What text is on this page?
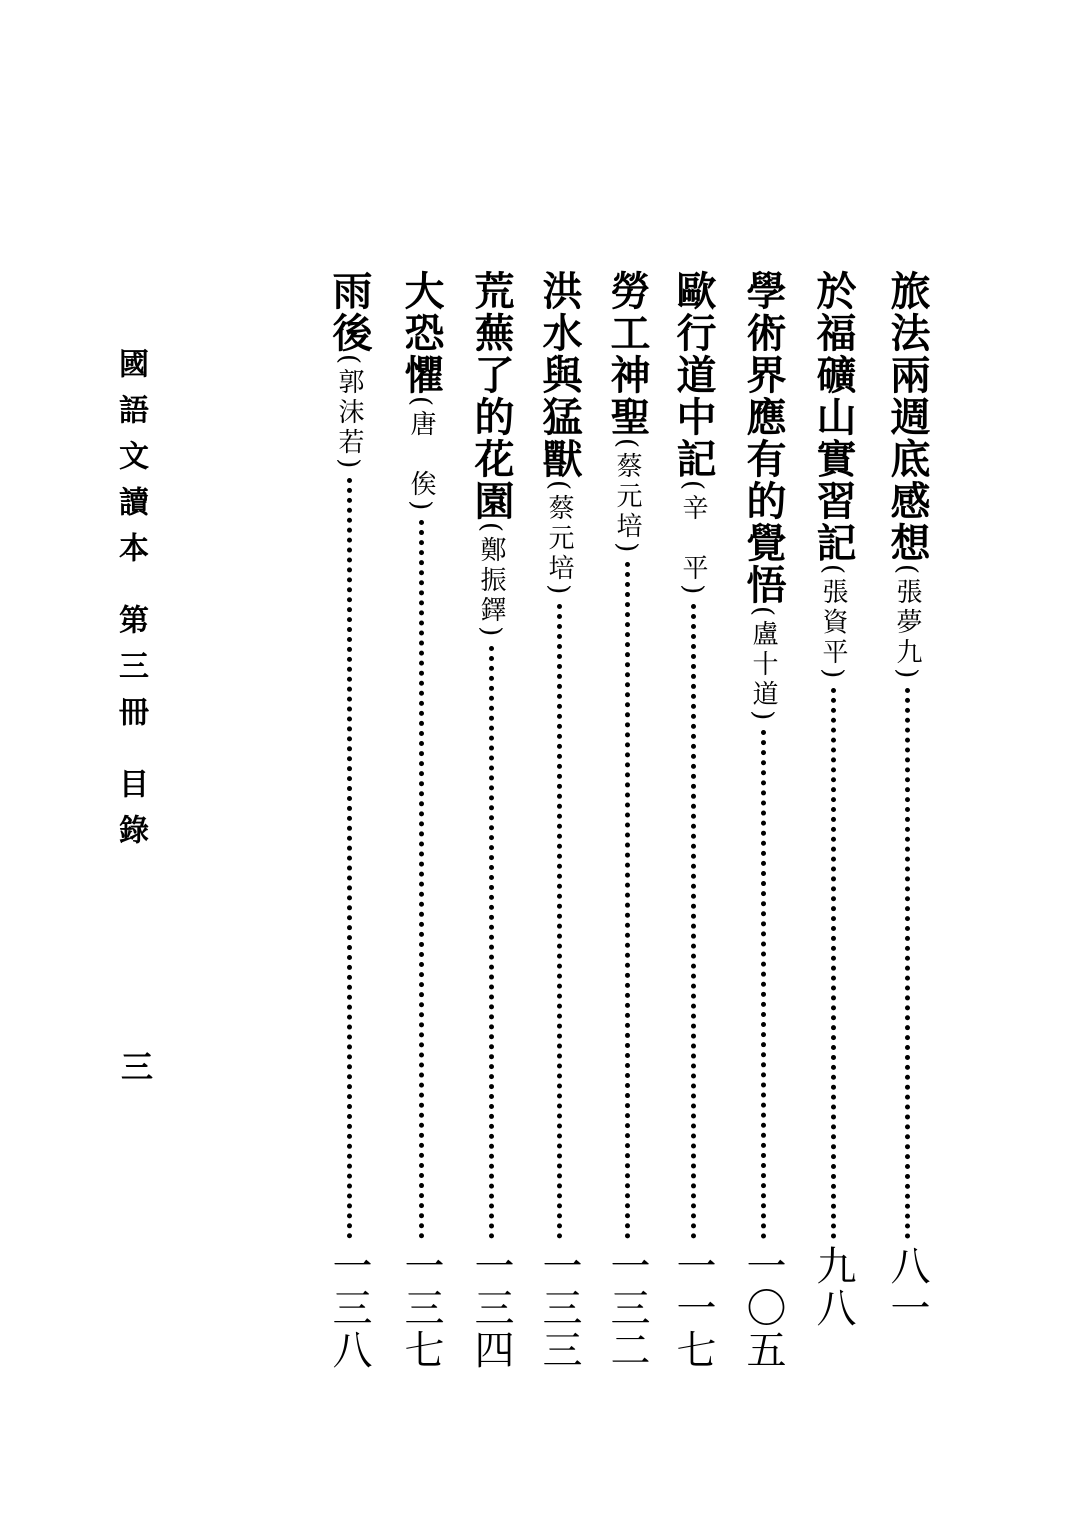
國語文讀本第三冊目錄
三
旅法兩週底感想
(張夢九)
八一
於福礦山實習記
(張資平)
九八
學術界應有的覺悟
(盧十道)
一〇五
歐行道中記
(辛　平)
一一七
勞工神聖
(蔡元培)
一三二
洪水與猛獸
(蔡元培)
一三三
荒蕪了的花園
(鄭振鐸)
一三四
大恐懼
(唐　俟)
一三七
雨後
(郭沫若)
一三八
